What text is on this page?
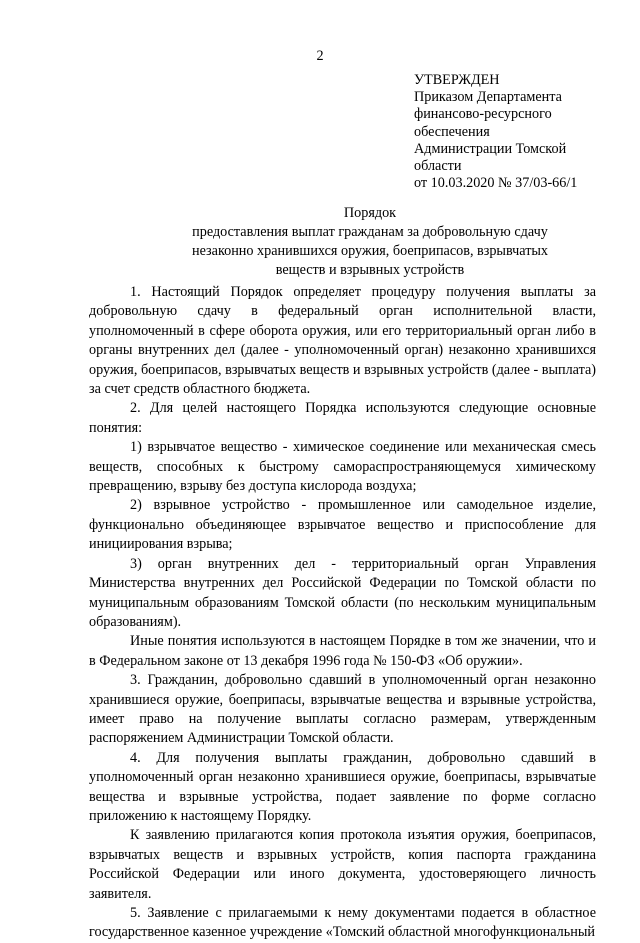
2
УТВЕРЖДЕН
Приказом Департамента
финансово-ресурсного
обеспечения
Администрации Томской
области
от 10.03.2020 № 37/03-66/1
Порядок
предоставления выплат гражданам за добровольную сдачу
незаконно хранившихся оружия, боеприпасов, взрывчатых
веществ и взрывных устройств

1. Настоящий Порядок определяет процедуру получения выплаты за добровольную сдачу в федеральный орган исполнительной власти, уполномоченный в сфере оборота оружия, или его территориальный орган либо в органы внутренних дел (далее - уполномоченный орган) незаконно хранившихся оружия, боеприпасов, взрывчатых веществ и взрывных устройств (далее - выплата) за счет средств областного бюджета.

2. Для целей настоящего Порядка используются следующие основные понятия:

1) взрывчатое вещество - химическое соединение или механическая смесь веществ, способных к быстрому самораспространяющемуся химическому превращению, взрыву без доступа кислорода воздуха;

2) взрывное устройство - промышленное или самодельное изделие, функционально объединяющее взрывчатое вещество и приспособление для инициирования взрыва;

3) орган внутренних дел - территориальный орган Управления Министерства внутренних дел Российской Федерации по Томской области по муниципальным образованиям Томской области (по нескольким муниципальным образованиям).

Иные понятия используются в настоящем Порядке в том же значении, что и в Федеральном законе от 13 декабря 1996 года № 150-ФЗ «Об оружии».

3. Гражданин, добровольно сдавший в уполномоченный орган незаконно хранившиеся оружие, боеприпасы, взрывчатые вещества и взрывные устройства, имеет право на получение выплаты согласно размерам, утвержденным распоряжением Администрации Томской области.

4. Для получения выплаты гражданин, добровольно сдавший в уполномоченный орган незаконно хранившиеся оружие, боеприпасы, взрывчатые вещества и взрывные устройства, подает заявление по форме согласно приложению к настоящему Порядку.

К заявлению прилагаются копия протокола изъятия оружия, боеприпасов, взрывчатых веществ и взрывных устройств, копия паспорта гражданина Российской Федерации или иного документа, удостоверяющего личность заявителя.

5. Заявление с прилагаемыми к нему документами подается в областное государственное казенное учреждение «Томский областной многофункциональный
